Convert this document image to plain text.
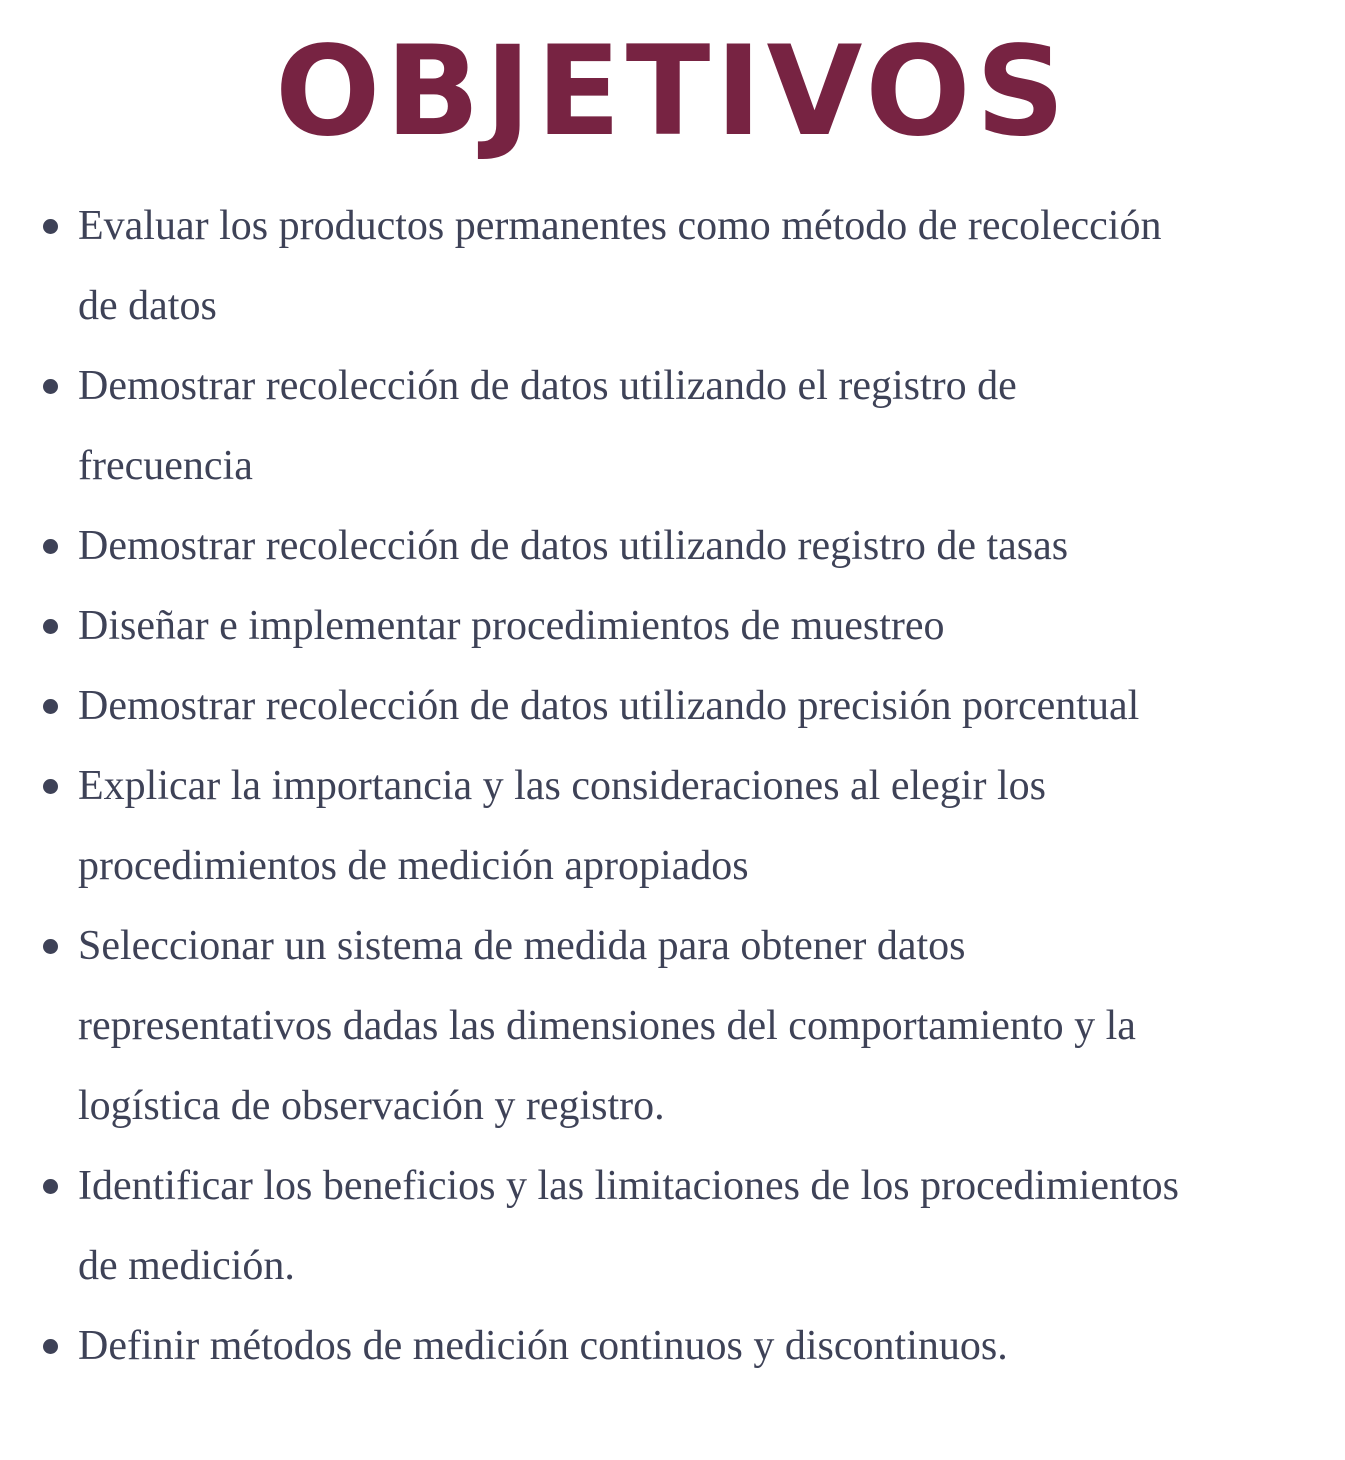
OBJETIVOS
Evaluar los productos permanentes como método de recolección
de datos
Demostrar recolección de datos utilizando el registro de
frecuencia
Demostrar recolección de datos utilizando registro de tasas
Diseñar e implementar procedimientos de muestreo
Demostrar recolección de datos utilizando precisión porcentual
Explicar la importancia y las consideraciones al elegir los
procedimientos de medición apropiados
Seleccionar un sistema de medida para obtener datos
representativos dadas las dimensiones del comportamiento y la
logística de observación y registro.
Identificar los beneficios y las limitaciones de los procedimientos
de medición.
Definir métodos de medición continuos y discontinuos.
